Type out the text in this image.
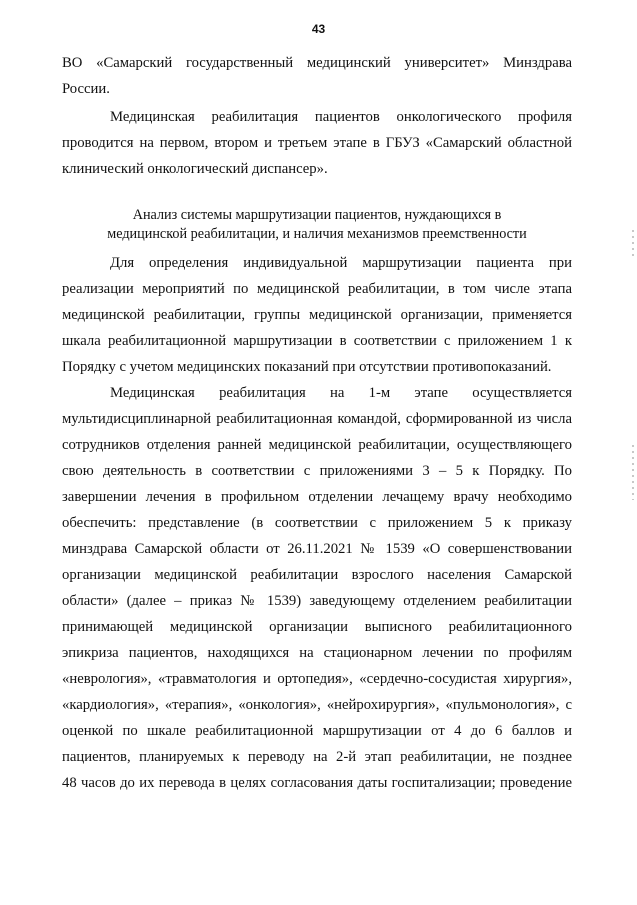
43

ВО «Самарский государственный медицинский университет» Минздрава
России.

Медицинская реабилитация пациентов онкологического профиля
проводится на первом, втором и третьем этапе в ГБУЗ «Самарский областной
клинический онкологический диспансер».

Анализ системы маршрутизации пациентов, нуждающихся в
медицинской реабилитации, и наличия механизмов преемственности

Для определения индивидуальной маршрутизации пациента при
реализации мероприятий по медицинской реабилитации, в том числе этапа
медицинской реабилитации, группы медицинской организации, применяется
шкала реабилитационной маршрутизации в соответствии с приложением 1 к
Порядку с учетом медицинских показаний при отсутствии противопоказаний.

Медицинская реабилитация на 1-м этапе осуществляется
мультидисциплинарной реабилитационная командой, сформированной из числа
сотрудников отделения ранней медицинской реабилитации, осуществляющего
свою деятельность в соответствии с приложениями 3 – 5 к Порядку. По
завершении лечения в профильном отделении лечащему врачу необходимо
обеспечить: представление (в соответствии с приложением 5 к приказу
минздрава Самарской области от 26.11.2021 № 1539 «О совершенствовании
организации медицинской реабилитации взрослого населения Самарской
области» (далее – приказ № 1539) заведующему отделением реабилитации
принимающей медицинской организации выписного реабилитационного
эпикриза пациентов, находящихся на стационарном лечении по профилям
«неврология», «травматология и ортопедия», «сердечно-сосудистая хирургия»,
«кардиология», «терапия», «онкология», «нейрохирургия», «пульмонология», с
оценкой по шкале реабилитационной маршрутизации от 4 до 6 баллов и
пациентов, планируемых к переводу на 2-й этап реабилитации, не позднее
48 часов до их перевода в целях согласования даты госпитализации; проведение
